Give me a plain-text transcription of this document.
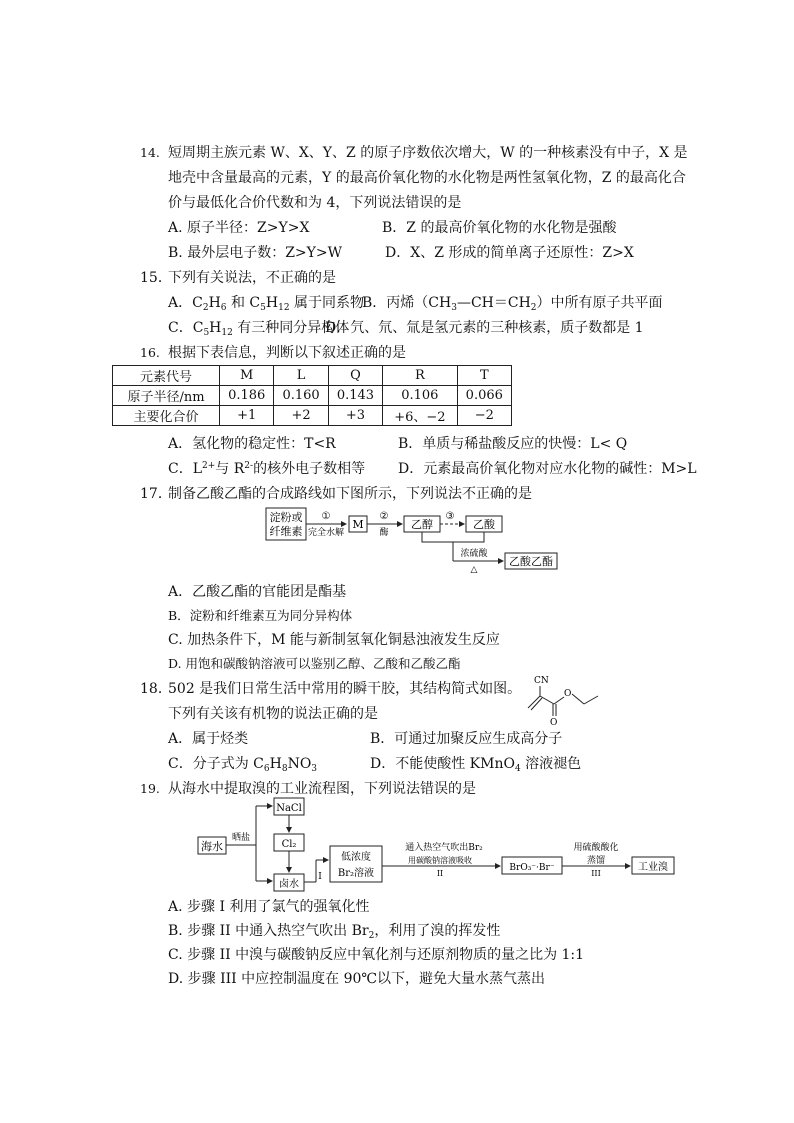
14. 短周期主族元素 W、X、Y、Z 的原子序数依次增大，W 的一种核素没有中子，X 是
地壳中含量最高的元素，Y 的最高价氧化物的水化物是两性氢氧化物，Z 的最高化合
价与最低化合价代数和为 4，下列说法错误的是
A. 原子半径：Z>Y>X	B．Z 的最高价氧化物的水化物是强酸
B. 最外层电子数：Z>Y>W	D．X、Z 形成的简单离子还原性：Z>X
15．
下列有关说法，不正确的是
A．$C_2H_6$ 和 $C_5H_{12}$ 属于同系物
B．丙烯$(CH_3—CH=CH_2)$中所有原子共平面
C．$C_5H_{12}$ 有三种同分异构体
D．氕、氘、氚是氢元素的三种核素，质子数都是 1
16. 根据下表信息，判断以下叙述正确的是
元素代号	M	L	Q	R	T
原子半径/nm	0.186	0.160	0.143	0.106	0.066
主要化合价	+1	+2	+3	+6、−2	−2
A．氢化物的稳定性：T<R	B．单质与稀盐酸反应的快慢：L< Q
C．$L^{2+}$与 $R^{2-}$的核外电子数相等 D．元素最高价氧化物对应水化物的碱性：M>L
17．
制备乙酸乙酯的合成路线如下图所示，下列说法不正确的是
淀粉或
纤维素
①
完全水解
M
②
酶
乙醇
③
乙酸
浓硫酸
△
乙酸乙酯
A．乙酸乙酯的官能团是酯基
B．淀粉和纤维素互为同分异构体
C. 加热条件下，M 能与新制氢氧化铜悬浊液发生反应
D. 用饱和碳酸钠溶液可以鉴别乙醇、乙酸和乙酸乙酯
18．
502 是我们日常生活中常用的瞬干胶，其结构简式如图。
下列有关该有机物的说法正确的是
CN
O
O
A．属于烃类	B．可通过加聚反应生成高分子
C．分子式为 $C_6H_8NO_3$	D．不能使酸性 KMnO$_4$ 溶液褪色
19. 从海水中提取溴的工业流程图，下列说法错误的是
海水
晒盐
NaCl
Cl₂
卤水
I
低浓度
Br₂溶液
通入热空气吹出Br₂
用碳酸钠溶液吸收
II
BrO₃⁻·Br⁻
用硫酸酸化
蒸馏
III
工业溴
A. 步骤 I 利用了氯气的强氧化性
B. 步骤 II 中通入热空气吹出 $Br_2$，利用了溴的挥发性
C. 步骤 II 中溴与碳酸钠反应中氧化剂与还原剂物质的量之比为 1:1
D. 步骤 III 中应控制温度在 90℃以下，避免大量水蒸气蒸出
